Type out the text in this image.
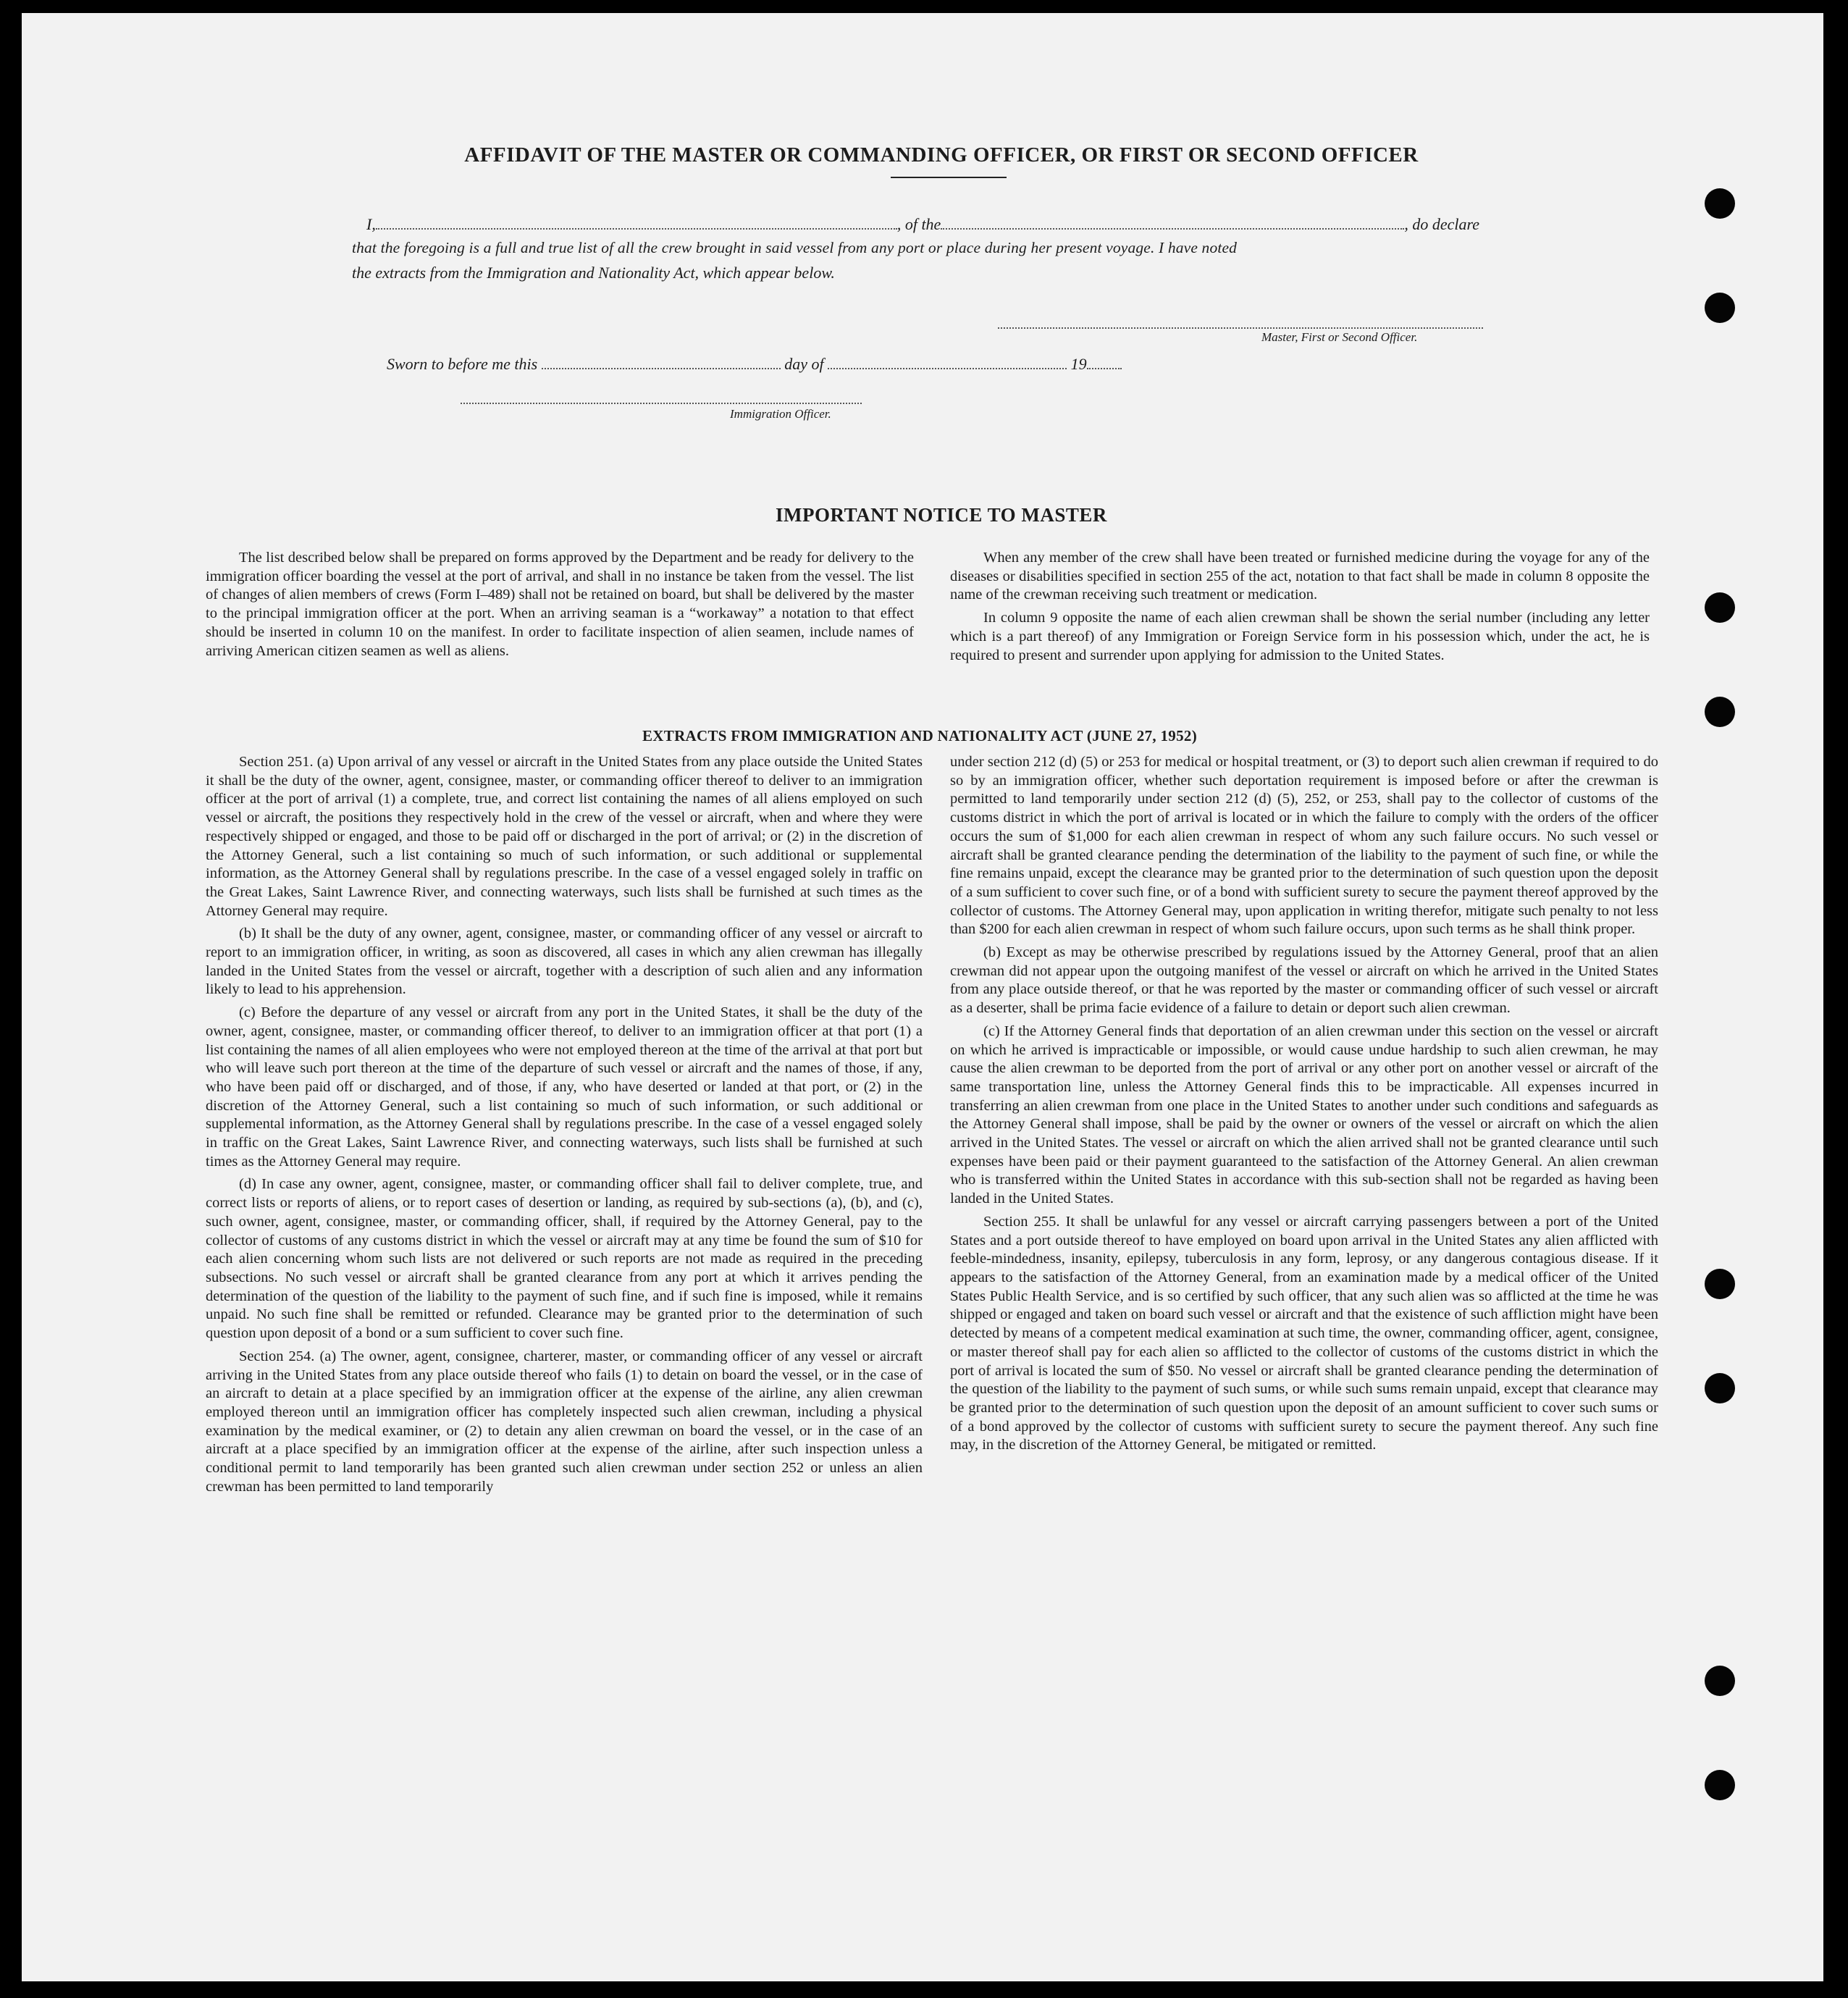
AFFIDAVIT OF THE MASTER OR COMMANDING OFFICER, OR FIRST OR SECOND OFFICER
I,	, of the	, do declare
that the foregoing is a full and true list of all the crew brought in said vessel from any port or place during her present voyage. I have noted
the extracts from the Immigration and Nationality Act, which appear below.
Master, First or Second Officer.
Sworn to before me this	day of	19
Immigration Officer.
IMPORTANT NOTICE TO MASTER

The list described below shall be prepared on forms approved by the Department and be ready for delivery to the immigration officer boarding the vessel at the port of arrival, and shall in no instance be taken from the vessel. The list of changes of alien members of crews (Form I–489) shall not be retained on board, but shall be delivered by the master to the principal immigration officer at the port. When an arriving seaman is a “workaway” a notation to that effect should be inserted in column 10 on the manifest. In order to facilitate inspection of alien seamen, include names of arriving American citizen seamen as well as aliens.

When any member of the crew shall have been treated or furnished medicine during the voyage for any of the diseases or disabilities specified in section 255 of the act, notation to that fact shall be made in column 8 opposite the name of the crewman receiving such treatment or medication.

In column 9 opposite the name of each alien crewman shall be shown the serial number (including any letter which is a part thereof) of any Immigration or Foreign Service form in his possession which, under the act, he is required to present and surrender upon applying for admission to the United States.

EXTRACTS FROM IMMIGRATION AND NATIONALITY ACT (JUNE 27, 1952)

Section 251. (a) Upon arrival of any vessel or aircraft in the United States from any place outside the United States it shall be the duty of the owner, agent, consignee, master, or commanding officer thereof to deliver to an immigration officer at the port of arrival (1) a complete, true, and correct list containing the names of all aliens employed on such vessel or aircraft, the positions they respectively hold in the crew of the vessel or aircraft, when and where they were respectively shipped or engaged, and those to be paid off or discharged in the port of arrival; or (2) in the discretion of the Attorney General, such a list containing so much of such information, or such additional or supplemental information, as the Attorney General shall by regulations prescribe. In the case of a vessel engaged solely in traffic on the Great Lakes, Saint Lawrence River, and connecting waterways, such lists shall be furnished at such times as the Attorney General may require.

(b) It shall be the duty of any owner, agent, consignee, master, or commanding officer of any vessel or aircraft to report to an immigration officer, in writing, as soon as discovered, all cases in which any alien crewman has illegally landed in the United States from the vessel or aircraft, together with a description of such alien and any information likely to lead to his apprehension.

(c) Before the departure of any vessel or aircraft from any port in the United States, it shall be the duty of the owner, agent, consignee, master, or commanding officer thereof, to deliver to an immigration officer at that port (1) a list containing the names of all alien employees who were not employed thereon at the time of the arrival at that port but who will leave such port thereon at the time of the departure of such vessel or aircraft and the names of those, if any, who have been paid off or discharged, and of those, if any, who have deserted or landed at that port, or (2) in the discretion of the Attorney General, such a list containing so much of such information, or such additional or supplemental information, as the Attorney General shall by regulations prescribe. In the case of a vessel engaged solely in traffic on the Great Lakes, Saint Lawrence River, and connecting waterways, such lists shall be furnished at such times as the Attorney General may require.

(d) In case any owner, agent, consignee, master, or commanding officer shall fail to deliver complete, true, and correct lists or reports of aliens, or to report cases of desertion or landing, as required by sub-sections (a), (b), and (c), such owner, agent, consignee, master, or commanding officer, shall, if required by the Attorney General, pay to the collector of customs of any customs district in which the vessel or aircraft may at any time be found the sum of $10 for each alien concerning whom such lists are not delivered or such reports are not made as required in the preceding subsections. No such vessel or aircraft shall be granted clearance from any port at which it arrives pending the determination of the question of the liability to the payment of such fine, and if such fine is imposed, while it remains unpaid. No such fine shall be remitted or refunded. Clearance may be granted prior to the determination of such question upon deposit of a bond or a sum sufficient to cover such fine.

Section 254. (a) The owner, agent, consignee, charterer, master, or commanding officer of any vessel or aircraft arriving in the United States from any place outside thereof who fails (1) to detain on board the vessel, or in the case of an aircraft to detain at a place specified by an immigration officer at the expense of the airline, any alien crewman employed thereon until an immigration officer has completely inspected such alien crewman, including a physical examination by the medical examiner, or (2) to detain any alien crewman on board the vessel, or in the case of an aircraft at a place specified by an immigration officer at the expense of the airline, after such inspection unless a conditional permit to land temporarily has been granted such alien crewman under section 252 or unless an alien crewman has been permitted to land temporarily

under section 212 (d) (5) or 253 for medical or hospital treatment, or (3) to deport such alien crewman if required to do so by an immigration officer, whether such deportation requirement is imposed before or after the crewman is permitted to land temporarily under section 212 (d) (5), 252, or 253, shall pay to the collector of customs of the customs district in which the port of arrival is located or in which the failure to comply with the orders of the officer occurs the sum of $1,000 for each alien crewman in respect of whom any such failure occurs. No such vessel or aircraft shall be granted clearance pending the determination of the liability to the payment of such fine, or while the fine remains unpaid, except the clearance may be granted prior to the determination of such question upon the deposit of a sum sufficient to cover such fine, or of a bond with sufficient surety to secure the payment thereof approved by the collector of customs. The Attorney General may, upon application in writing therefor, mitigate such penalty to not less than $200 for each alien crewman in respect of whom such failure occurs, upon such terms as he shall think proper.

(b) Except as may be otherwise prescribed by regulations issued by the Attorney General, proof that an alien crewman did not appear upon the outgoing manifest of the vessel or aircraft on which he arrived in the United States from any place outside thereof, or that he was reported by the master or commanding officer of such vessel or aircraft as a deserter, shall be prima facie evidence of a failure to detain or deport such alien crewman.

(c) If the Attorney General finds that deportation of an alien crewman under this section on the vessel or aircraft on which he arrived is impracticable or impossible, or would cause undue hardship to such alien crewman, he may cause the alien crewman to be deported from the port of arrival or any other port on another vessel or aircraft of the same transportation line, unless the Attorney General finds this to be impracticable. All expenses incurred in transferring an alien crewman from one place in the United States to another under such conditions and safeguards as the Attorney General shall impose, shall be paid by the owner or owners of the vessel or aircraft on which the alien arrived in the United States. The vessel or aircraft on which the alien arrived shall not be granted clearance until such expenses have been paid or their payment guaranteed to the satisfaction of the Attorney General. An alien crewman who is transferred within the United States in accordance with this sub-section shall not be regarded as having been landed in the United States.

Section 255. It shall be unlawful for any vessel or aircraft carrying passengers between a port of the United States and a port outside thereof to have employed on board upon arrival in the United States any alien afflicted with feeble-mindedness, insanity, epilepsy, tuberculosis in any form, leprosy, or any dangerous contagious disease. If it appears to the satisfaction of the Attorney General, from an examination made by a medical officer of the United States Public Health Service, and is so certified by such officer, that any such alien was so afflicted at the time he was shipped or engaged and taken on board such vessel or aircraft and that the existence of such affliction might have been detected by means of a competent medical examination at such time, the owner, commanding officer, agent, consignee, or master thereof shall pay for each alien so afflicted to the collector of customs of the customs district in which the port of arrival is located the sum of $50. No vessel or aircraft shall be granted clearance pending the determination of the question of the liability to the payment of such sums, or while such sums remain unpaid, except that clearance may be granted prior to the determination of such question upon the deposit of an amount sufficient to cover such sums or of a bond approved by the collector of customs with sufficient surety to secure the payment thereof. Any such fine may, in the discretion of the Attorney General, be mitigated or remitted.
